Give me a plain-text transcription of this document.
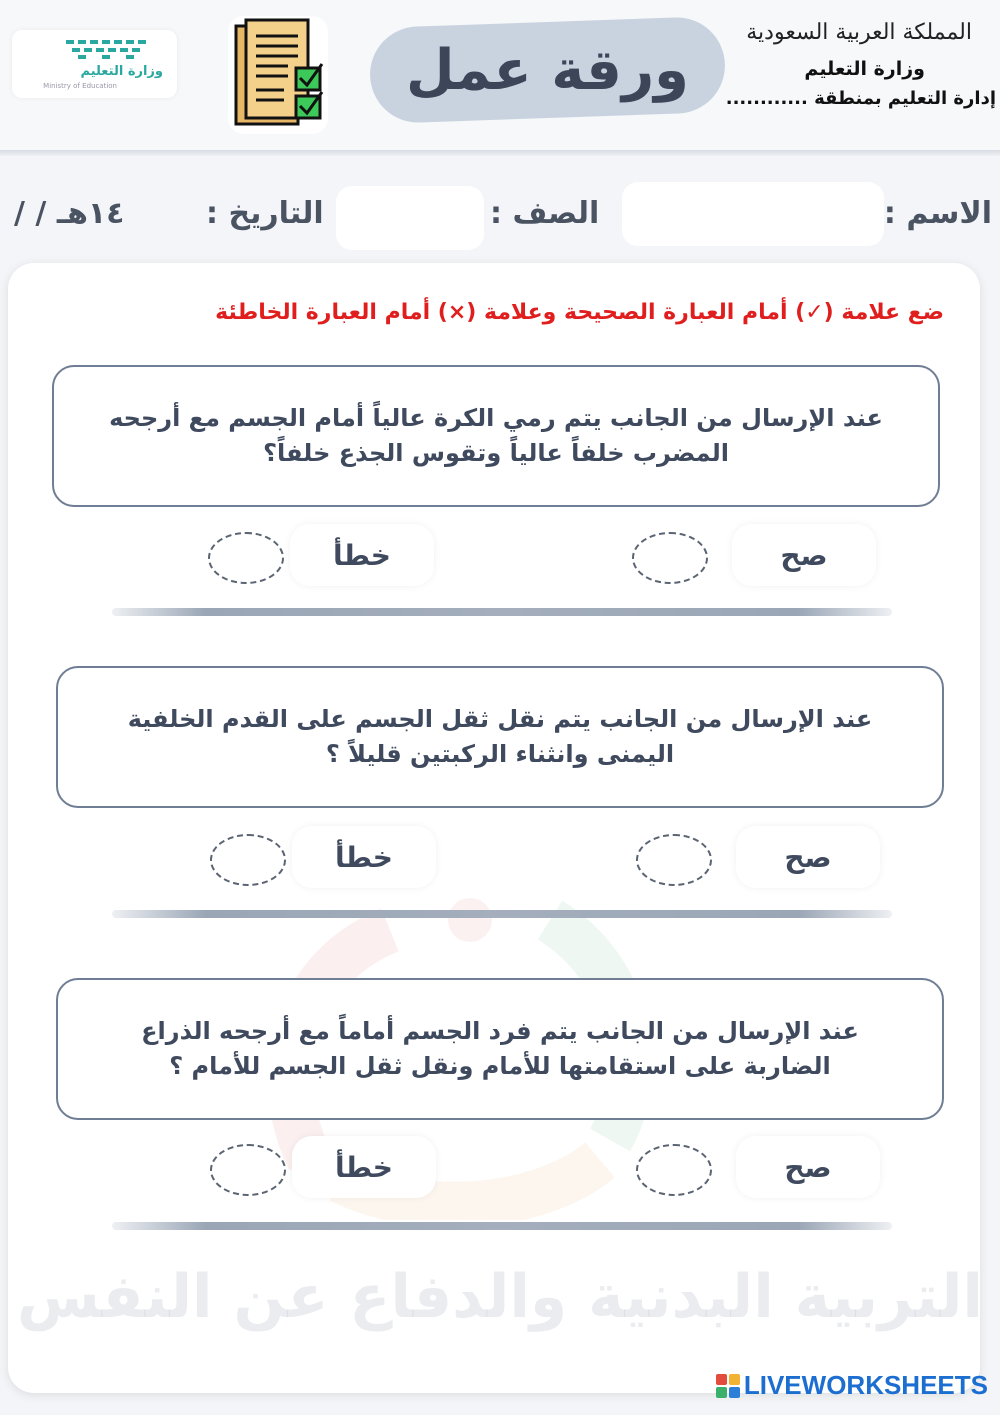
وزارة التعليم
Ministry of Education	ورقة عمل
المملكة العربية السعودية
وزارة التعليم
إدارة التعليم بمنطقة ............
الاسم :
الصف :
التاريخ :
/ / ١٤هـ
ضع علامة (✓) أمام العبارة الصحيحة وعلامة (×) أمام العبارة الخاطئة
عند الإرسال من الجانب يتم رمي الكرة عالياً أمام الجسم مع أرجحه
المضرب خلفاً عالياً وتقوس الجذع خلفاً؟
صح
خطأ
عند الإرسال من الجانب يتم نقل ثقل الجسم على القدم الخلفية
اليمنى وانثناء الركبتين قليلاً ؟
صح
خطأ
عند الإرسال من الجانب يتم فرد الجسم أماماً مع أرجحه الذراع
الضاربة على استقامتها للأمام ونقل ثقل الجسم للأمام ؟
صح
خطأ
التربية البدنية والدفاع عن النفس
LIVEWORKSHEETS
